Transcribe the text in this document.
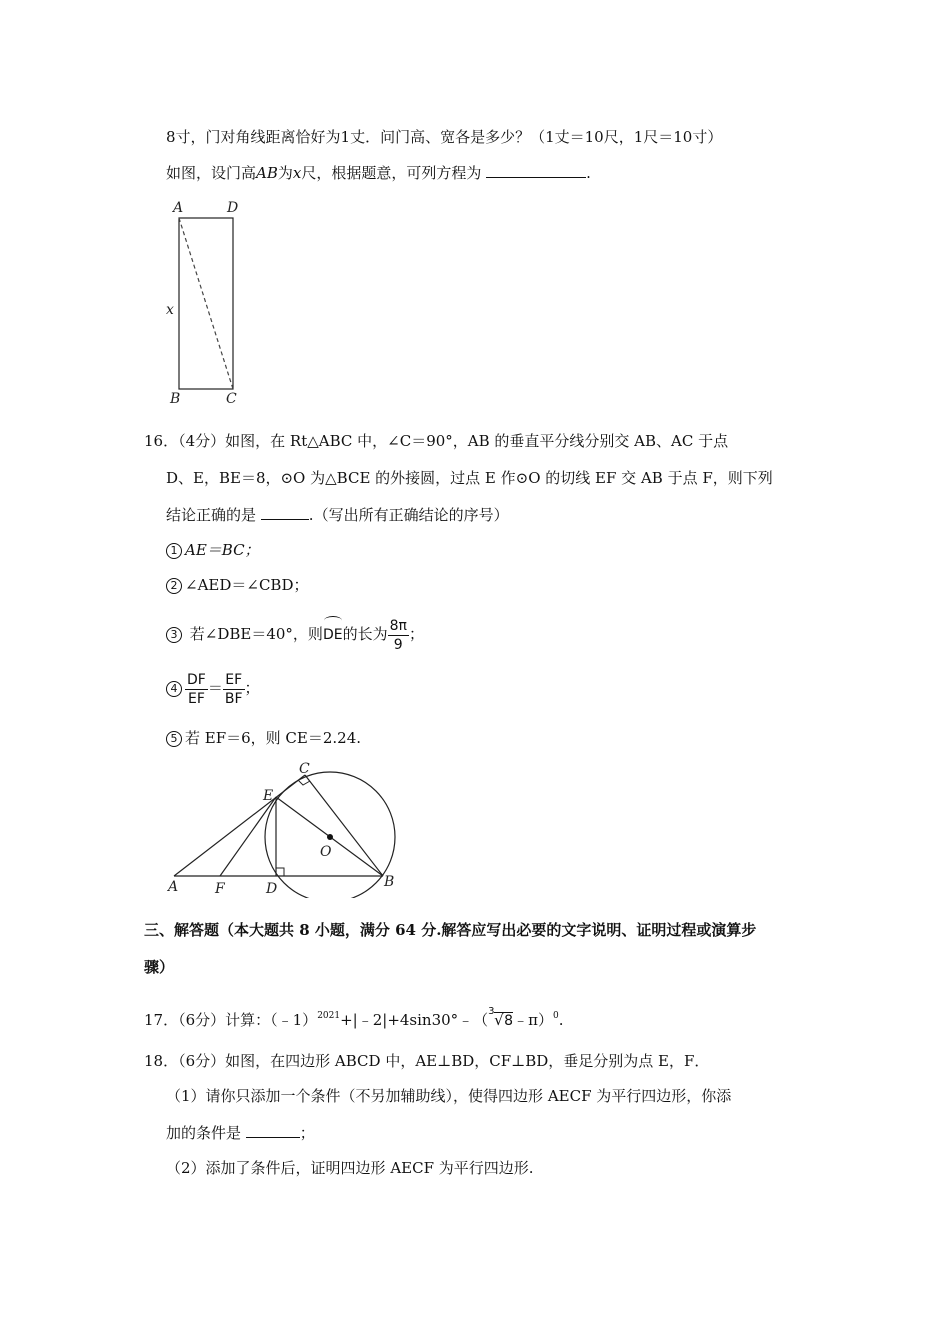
8寸，门对角线距离恰好为1丈．问门高、宽各是多少？（1丈＝10尺，1尺＝10寸）
如图，设门高AB为x尺，根据题意，可列方程为	.
A	D
x
B	C
16．（4分）如图，在 Rt△ABC 中，∠C＝90°，AB 的垂直平分线分别交 AB、AC 于点
D、E，BE＝8，⊙O 为△BCE 的外接圆，过点 E 作⊙O 的切线 EF 交 AB 于点 F，则下列
结论正确的是	.（写出所有正确结论的序号）
1 AE＝BC；
2 ∠AED＝∠CBD；
3 若∠DBE＝40°，则DE的长为 $\frac{8\pi}{9}$ ；
$4 \frac{DF}{EF} = \frac{EF}{BF}$ ；
5 若 EF＝6，则 CE＝2.24.
A	F	D	B
E
C
O
三、解答题（本大题共 8 小题，满分 64 分.解答应写出必要的文字说明、证明过程或演算步
骤）
17．（6分）计算：（﹣1）$^{2021}$+|﹣2|+4sin30°﹣（ 3 √ 8﹣π）$^0$.
18．（6分）如图，在四边形 ABCD 中，AE⊥BD，CF⊥BD，垂足分别为点 E，F．
（1）请你只添加一个条件（不另加辅助线），使得四边形 AECF 为平行四边形，你添
加的条件是	；
（2）添加了条件后，证明四边形 AECF 为平行四边形.
